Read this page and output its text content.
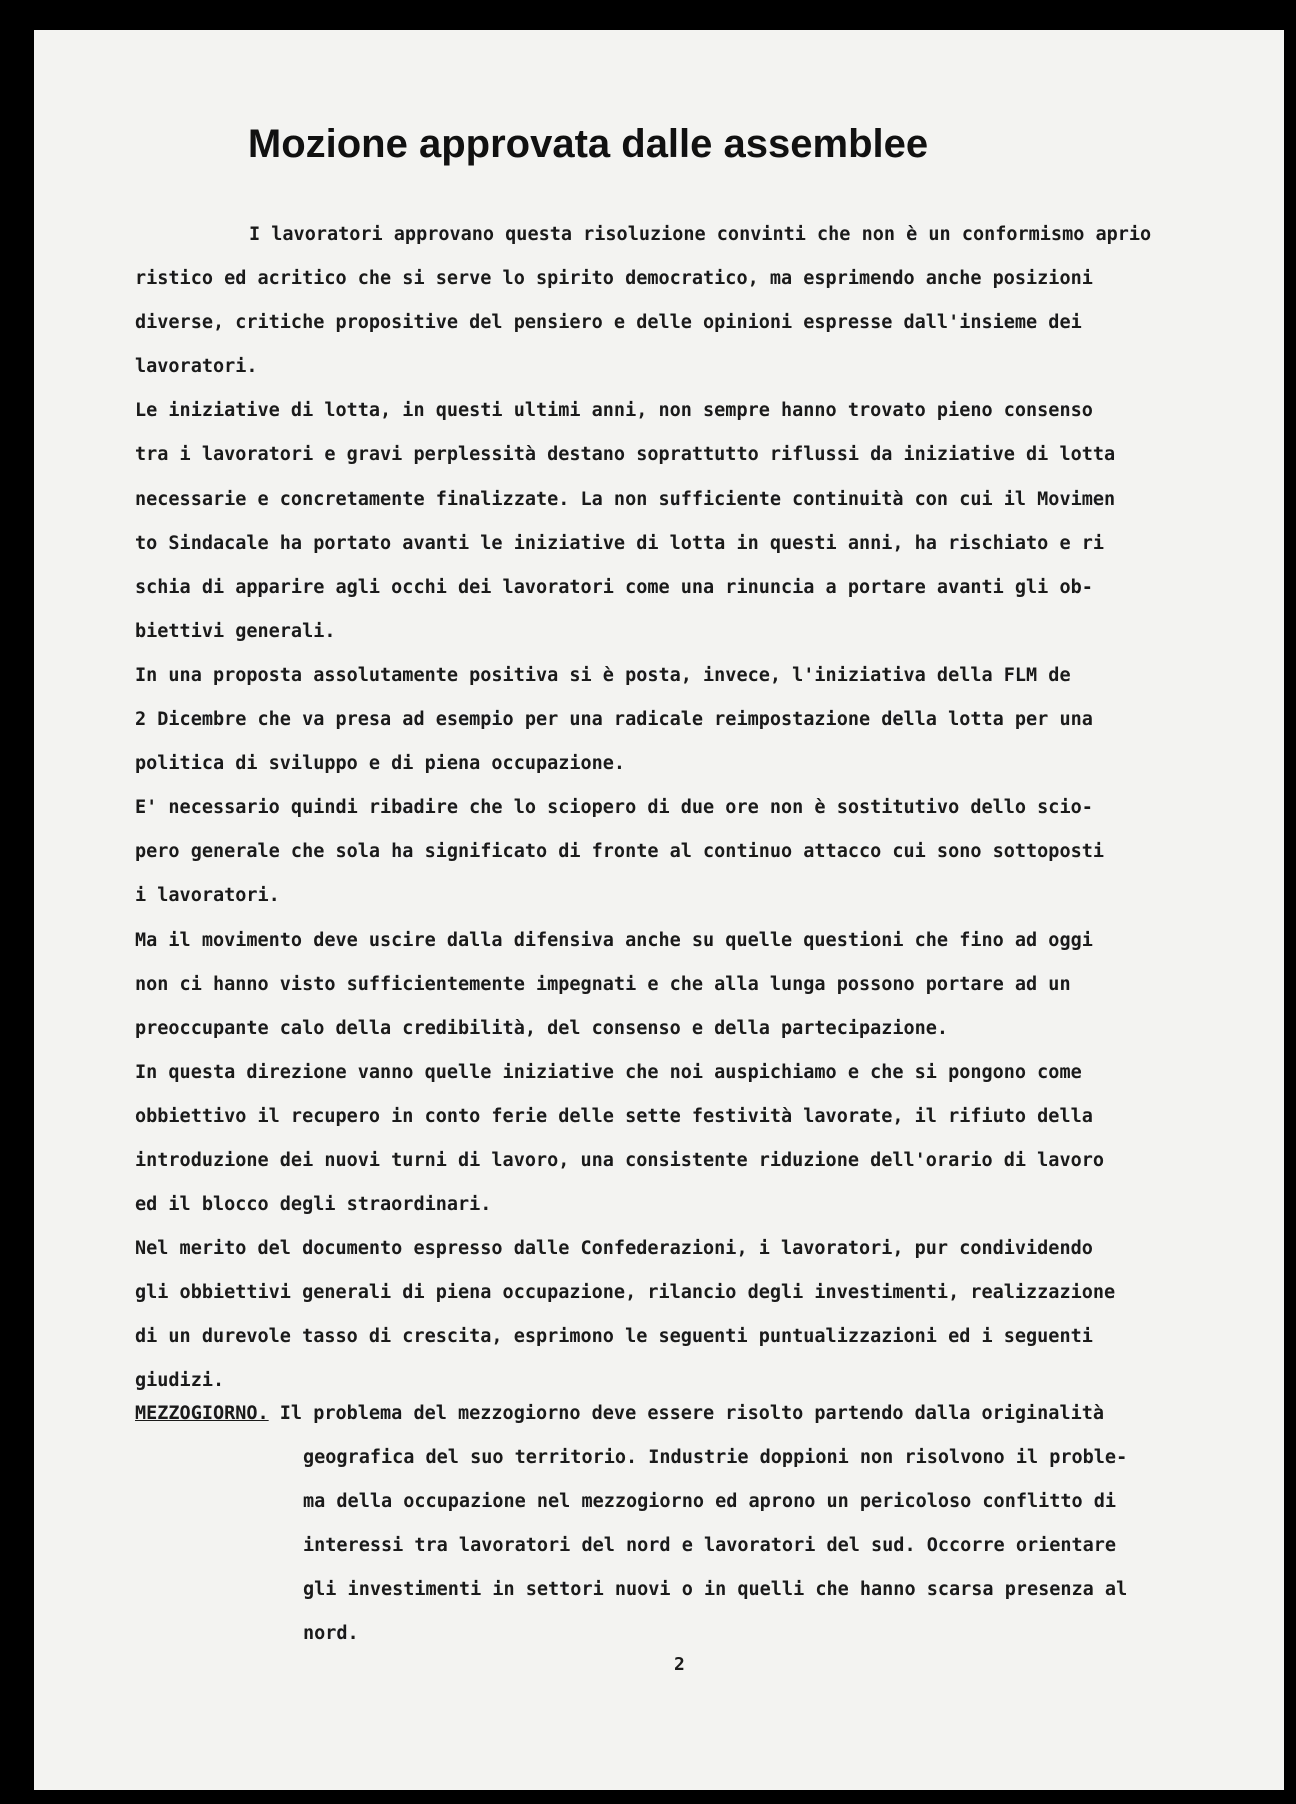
Mozione approvata dalle assemblee
I lavoratori approvano questa risoluzione convinti che non è un conformismo aprio
ristico ed acritico che si serve lo spirito democratico, ma esprimendo anche posizioni
diverse, critiche propositive del pensiero e delle opinioni espresse dall'insieme dei
lavoratori.
Le iniziative di lotta, in questi ultimi anni, non sempre hanno trovato pieno consenso
tra i lavoratori e gravi perplessità destano soprattutto riflussi da iniziative di lotta
necessarie e concretamente finalizzate. La non sufficiente continuità con cui il Movimen
to Sindacale ha portato avanti le iniziative di lotta in questi anni, ha rischiato e ri
schia di apparire agli occhi dei lavoratori come una rinuncia a portare avanti gli ob-
biettivi generali.
In una proposta assolutamente positiva si è posta, invece, l'iniziativa della FLM de
2 Dicembre che va presa ad esempio per una radicale reimpostazione della lotta per una
politica di sviluppo e di piena occupazione.
E' necessario quindi ribadire che lo sciopero di due ore non è sostitutivo dello scio-
pero generale che sola ha significato di fronte al continuo attacco cui sono sottoposti
i lavoratori.
Ma il movimento deve uscire dalla difensiva anche su quelle questioni che fino ad oggi
non ci hanno visto sufficientemente impegnati e che alla lunga possono portare ad un
preoccupante calo della credibilità, del consenso e della partecipazione.
In questa direzione vanno quelle iniziative che noi auspichiamo e che si pongono come
obbiettivo il recupero in conto ferie delle sette festività lavorate, il rifiuto della
introduzione dei nuovi turni di lavoro, una consistente riduzione dell'orario di lavoro
ed il blocco degli straordinari.
Nel merito del documento espresso dalle Confederazioni, i lavoratori, pur condividendo
gli obbiettivi generali di piena occupazione, rilancio degli investimenti, realizzazione
di un durevole tasso di crescita, esprimono le seguenti puntualizzazioni ed i seguenti
giudizi.
MEZZOGIORNO. Il problema del mezzogiorno deve essere risolto partendo dalla originalità
geografica del suo territorio. Industrie doppioni non risolvono il proble-
ma della occupazione nel mezzogiorno ed aprono un pericoloso conflitto di
interessi tra lavoratori del nord e lavoratori del sud. Occorre orientare
gli investimenti in settori nuovi o in quelli che hanno scarsa presenza al
nord.
2
